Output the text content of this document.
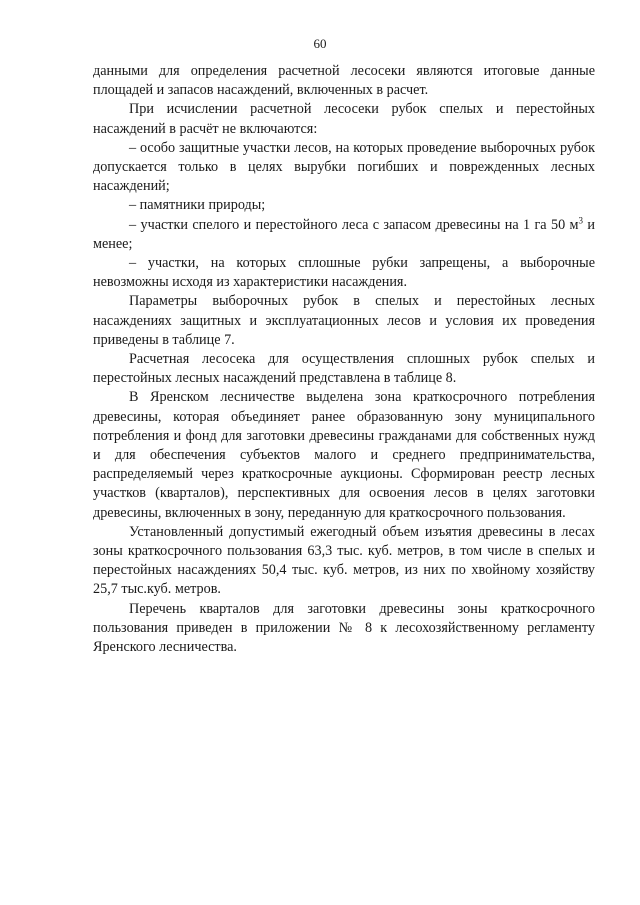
60

данными для определения расчетной лесосеки являются итоговые данные площадей и запасов насаждений, включенных в расчет.

При исчислении расчетной лесосеки рубок спелых и перестойных насаждений в расчёт не включаются:

– особо защитные участки лесов, на которых проведение выборочных рубок допускается только в целях вырубки погибших и поврежденных лесных насаждений;

– памятники природы;

– участки спелого и перестойного леса с запасом древесины на 1 га 50 $м^3$ и менее;

– участки, на которых сплошные рубки запрещены, а выборочные невозможны исходя из характеристики насаждения.

Параметры выборочных рубок в спелых и перестойных лесных насаждениях защитных и эксплуатационных лесов и условия их проведения приведены в таблице 7.

Расчетная лесосека для осуществления сплошных рубок спелых и перестойных лесных насаждений представлена в таблице 8.

В Яренском лесничестве выделена зона краткосрочного потребления древесины, которая объединяет ранее образованную зону муниципального потребления и фонд для заготовки древесины гражданами для собственных нужд и для обеспечения субъектов малого и среднего предпринимательства, распределяемый через краткосрочные аукционы. Сформирован реестр лесных участков (кварталов), перспективных для освоения лесов в целях заготовки древесины, включенных в зону, переданную для краткосрочного пользования.

Установленный допустимый ежегодный объем изъятия древесины в лесах зоны краткосрочного пользования 63,3 тыс. куб. метров, в том числе в спелых и перестойных насаждениях 50,4 тыс. куб. метров, из них по хвойному хозяйству 25,7 тыс.куб. метров.

Перечень кварталов для заготовки древесины зоны краткосрочного пользования приведен в приложении № 8 к лесохозяйственному регламенту Яренского лесничества.
